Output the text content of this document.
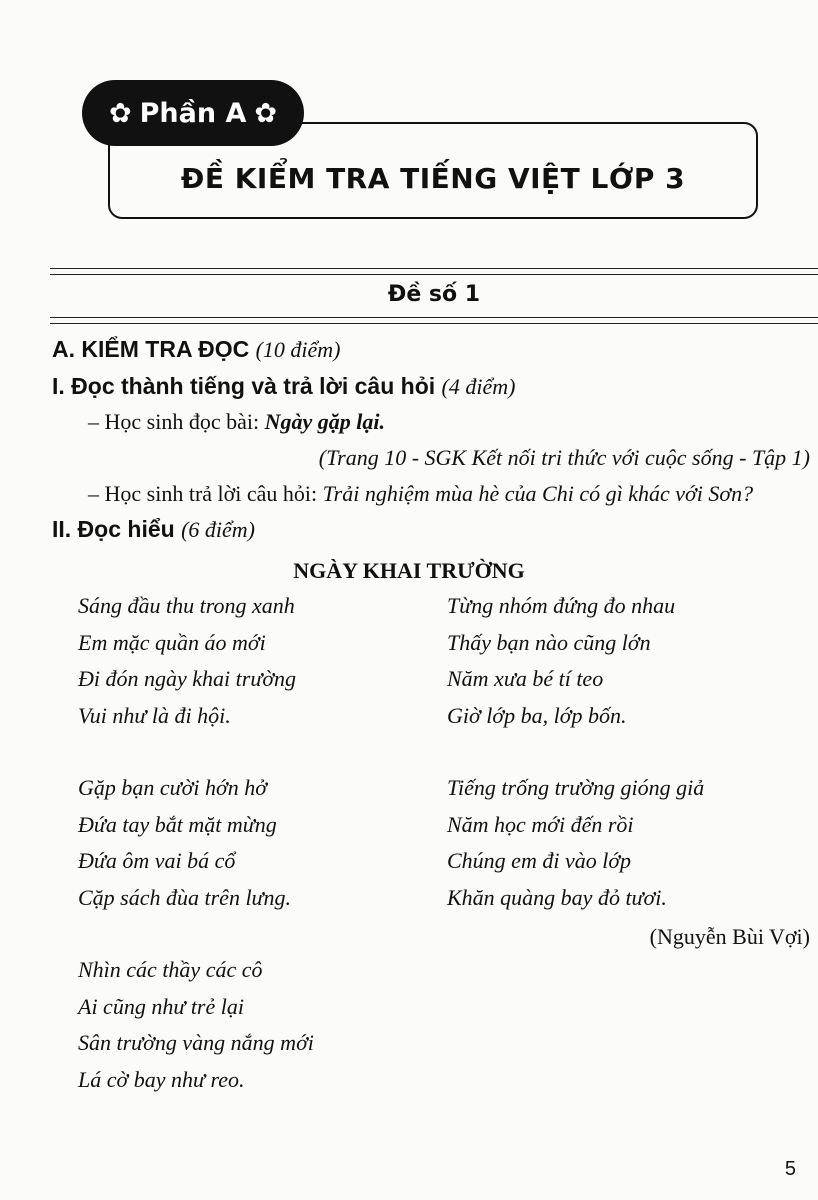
✿ Phần A ✿
ĐỀ KIỂM TRA TIẾNG VIỆT LỚP 3
Đề số 1
A. KIỂM TRA ĐỌC (10 điểm)
I. Đọc thành tiếng và trả lời câu hỏi (4 điểm)
– Học sinh đọc bài: Ngày gặp lại.
(Trang 10 - SGK Kết nối tri thức với cuộc sống - Tập 1)
– Học sinh trả lời câu hỏi: Trải nghiệm mùa hè của Chi có gì khác với Sơn?
II. Đọc hiểu (6 điểm)
NGÀY KHAI TRƯỜNG
Sáng đầu thu trong xanh
Em mặc quần áo mới
Đi đón ngày khai trường
Vui như là đi hội.
Gặp bạn cười hớn hở
Đứa tay bắt mặt mừng
Đứa ôm vai bá cổ
Cặp sách đùa trên lưng.
Nhìn các thầy các cô
Ai cũng như trẻ lại
Sân trường vàng nắng mới
Lá cờ bay như reo.
Từng nhóm đứng đo nhau
Thấy bạn nào cũng lớn
Năm xưa bé tí teo
Giờ lớp ba, lớp bốn.
Tiếng trống trường gióng giả
Năm học mới đến rồi
Chúng em đi vào lớp
Khăn quàng bay đỏ tươi.
(Nguyễn Bùi Vợi)
5
